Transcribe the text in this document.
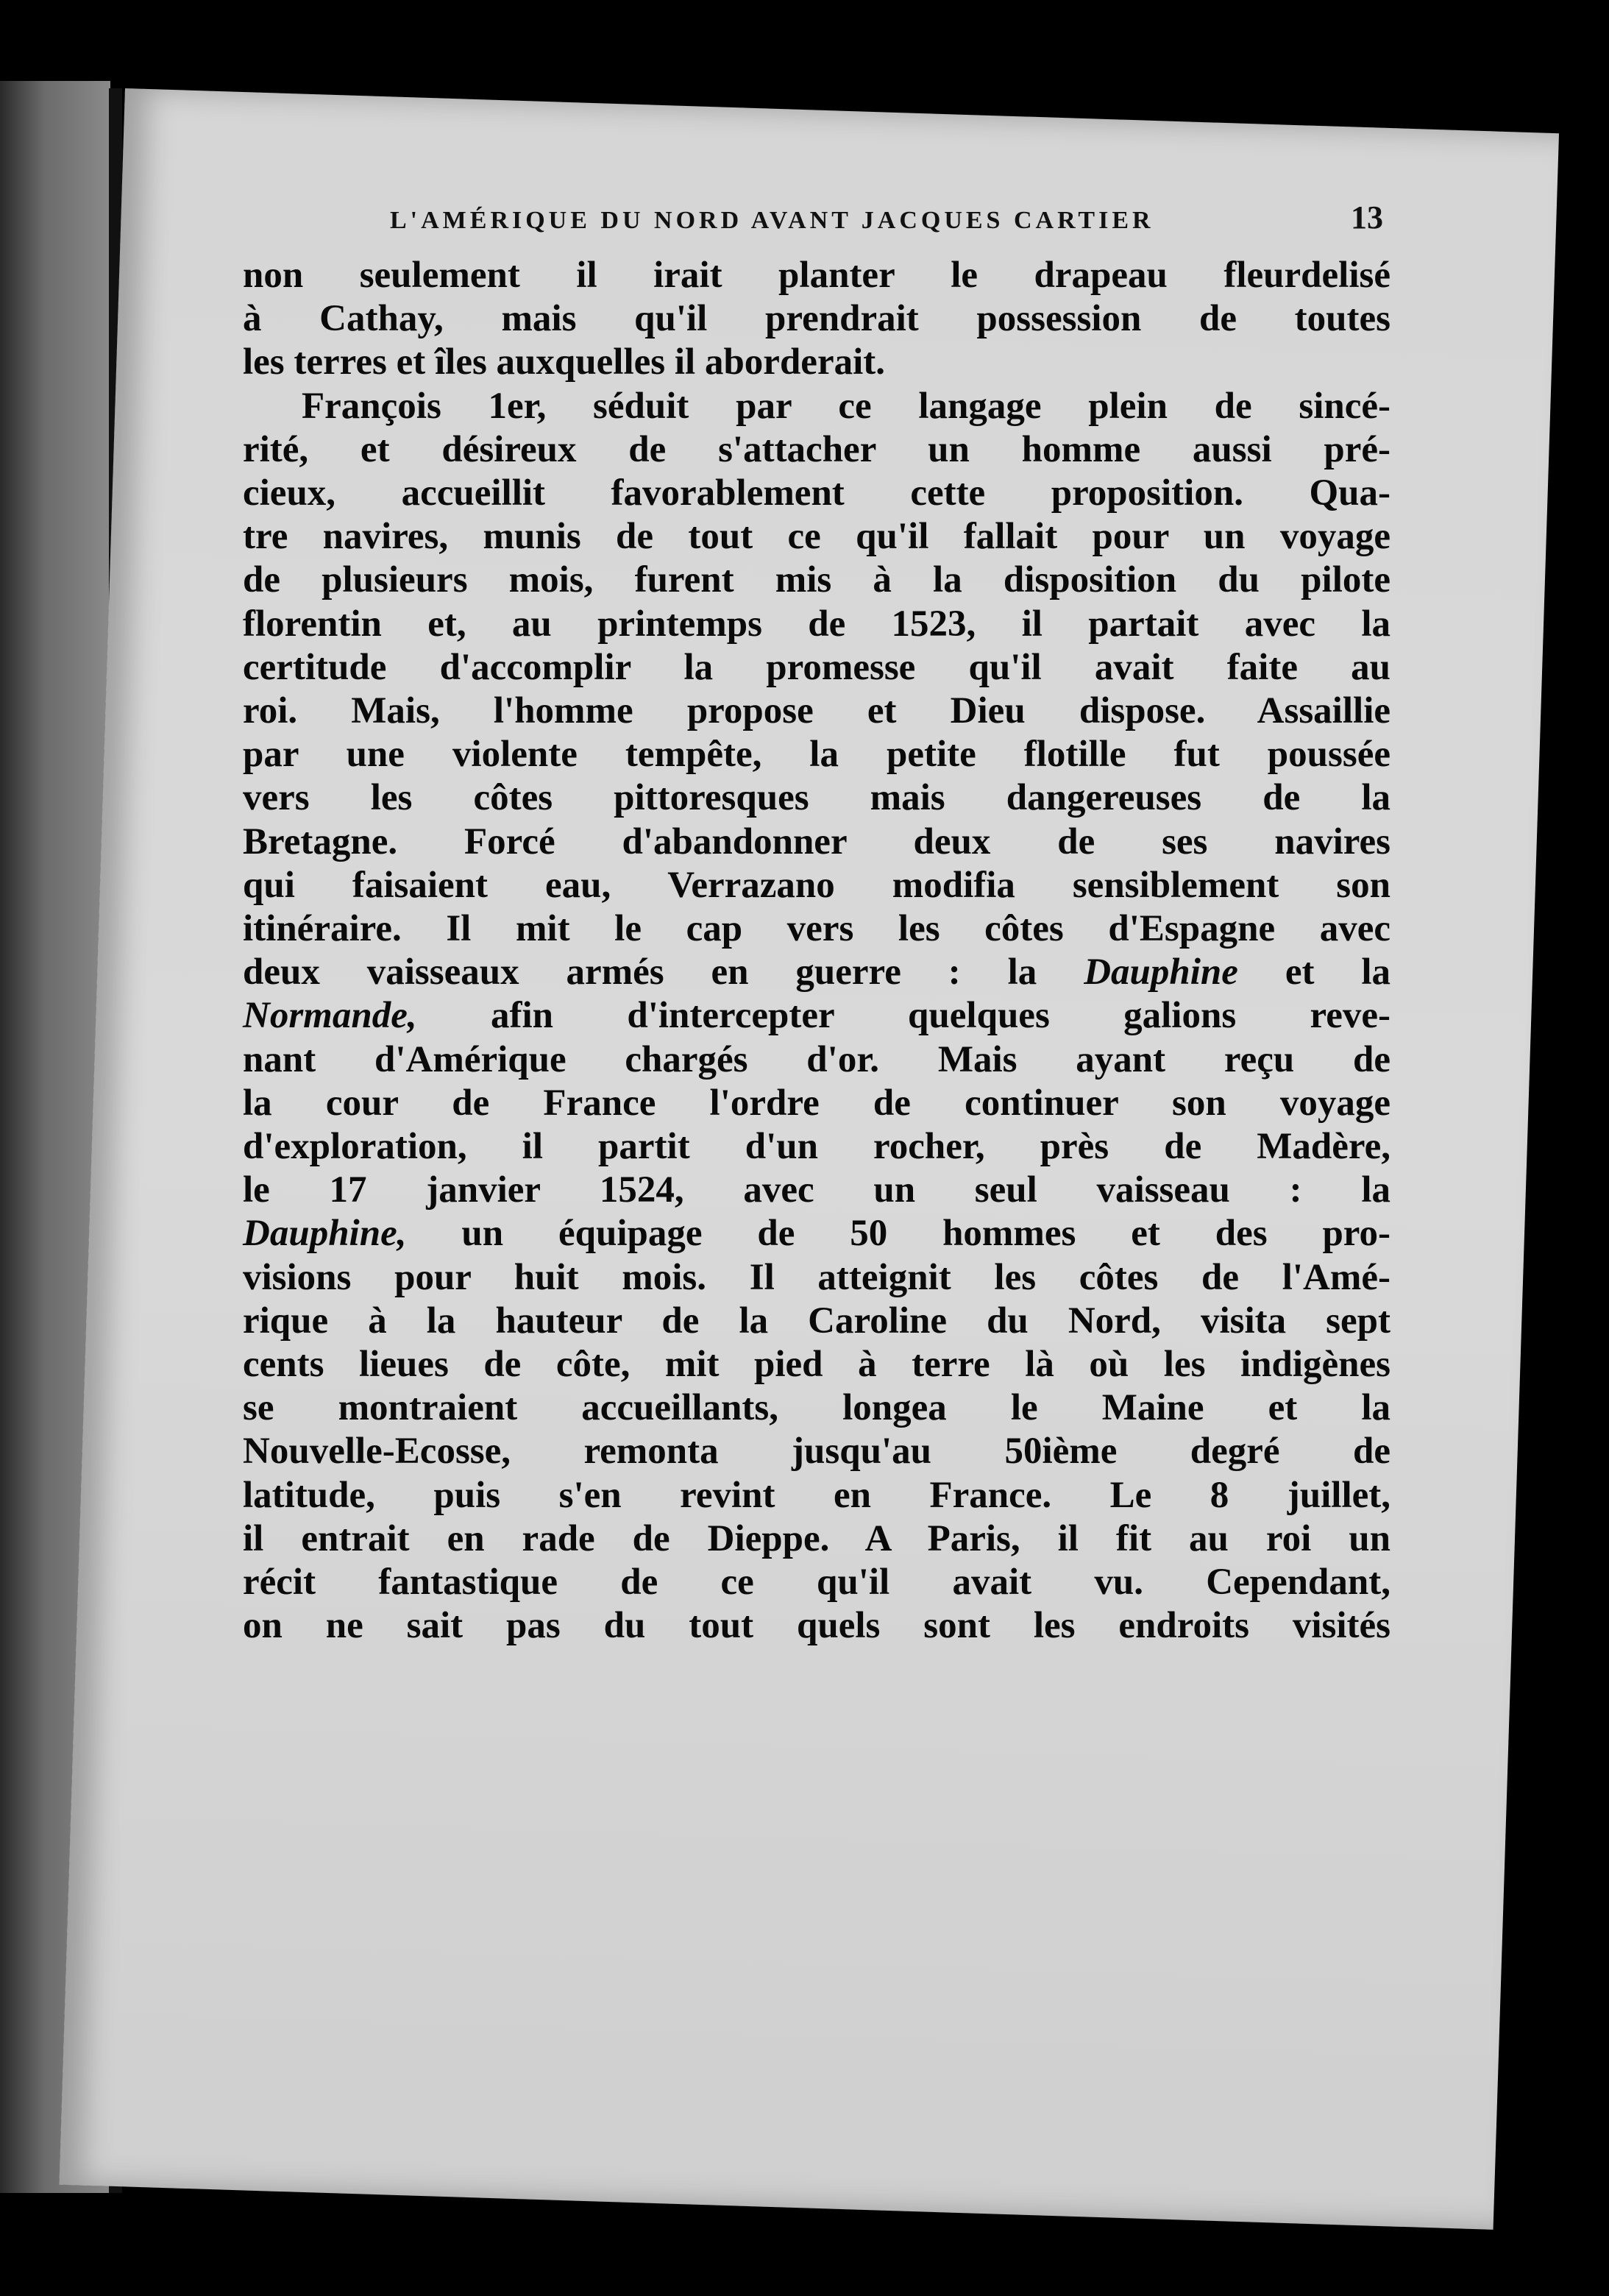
L'AMÉRIQUE DU NORD AVANT JACQUES CARTIER	13
non seulement il irait planter le drapeau fleurdelisé
à Cathay, mais qu'il prendrait possession de toutes
les terres et îles auxquelles il aborderait.
François 1er, séduit par ce langage plein de sincé-
rité, et désireux de s'attacher un homme aussi pré-
cieux, accueillit favorablement cette proposition. Qua-
tre navires, munis de tout ce qu'il fallait pour un voyage
de plusieurs mois, furent mis à la disposition du pilote
florentin et, au printemps de 1523, il partait avec la
certitude d'accomplir la promesse qu'il avait faite au
roi. Mais, l'homme propose et Dieu dispose. Assaillie
par une violente tempête, la petite flotille fut poussée
vers les côtes pittoresques mais dangereuses de la
Bretagne. Forcé d'abandonner deux de ses navires
qui faisaient eau, Verrazano modifia sensiblement son
itinéraire. Il mit le cap vers les côtes d'Espagne avec
deux vaisseaux armés en guerre : la Dauphine et la
Normande, afin d'intercepter quelques galions reve-
nant d'Amérique chargés d'or. Mais ayant reçu de
la cour de France l'ordre de continuer son voyage
d'exploration, il partit d'un rocher, près de Madère,
le 17 janvier 1524, avec un seul vaisseau : la
Dauphine, un équipage de 50 hommes et des pro-
visions pour huit mois. Il atteignit les côtes de l'Amé-
rique à la hauteur de la Caroline du Nord, visita sept
cents lieues de côte, mit pied à terre là où les indigènes
se montraient accueillants, longea le Maine et la
Nouvelle-Ecosse, remonta jusqu'au 50ième degré de
latitude, puis s'en revint en France. Le 8 juillet,
il entrait en rade de Dieppe. A Paris, il fit au roi un
récit fantastique de ce qu'il avait vu. Cependant,
on ne sait pas du tout quels sont les endroits visités
